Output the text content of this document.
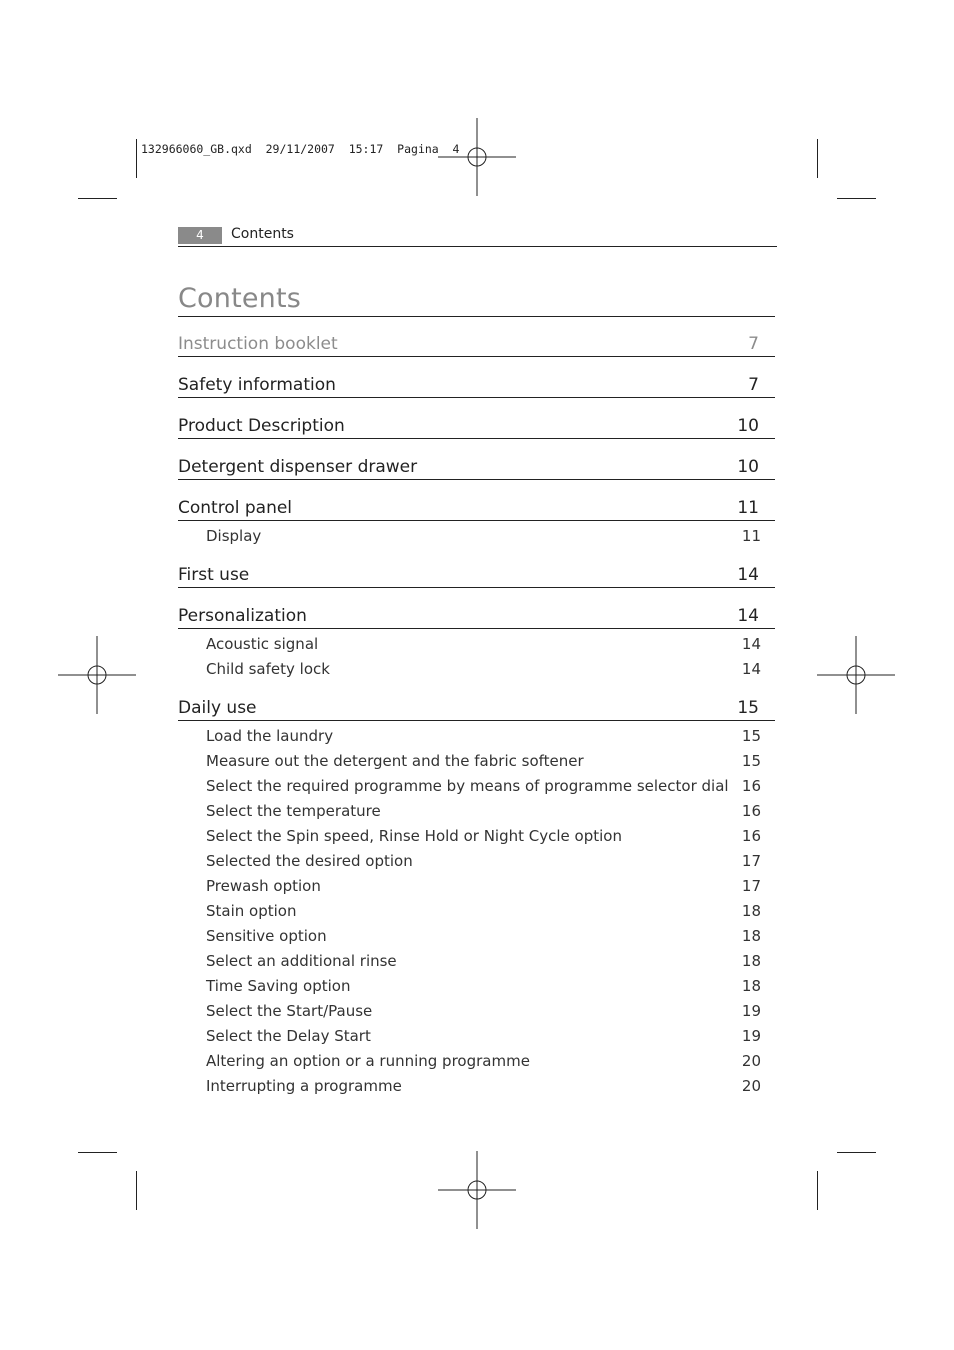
132966060_GB.qxd  29/11/2007  15:17  Pagina  4
4	Contents
Contents
Instruction booklet	7
Safety information	7
Product Description	10
Detergent dispenser drawer	10
Control panel	11
Display	11
First use	14
Personalization	14
Acoustic signal	14
Child safety lock	14
Daily use	15
Load the laundry	15
Measure out the detergent and the fabric softener	15
Select the required programme by means of programme selector dial 16
Select the temperature	16
Select the Spin speed, Rinse Hold or Night Cycle option	16
Selected the desired option	17
Prewash option	17
Stain option	18
Sensitive option	18
Select an additional rinse	18
Time Saving option	18
Select the Start/Pause	19
Select the Delay Start	19
Altering an option or a running programme	20
Interrupting a programme	20
